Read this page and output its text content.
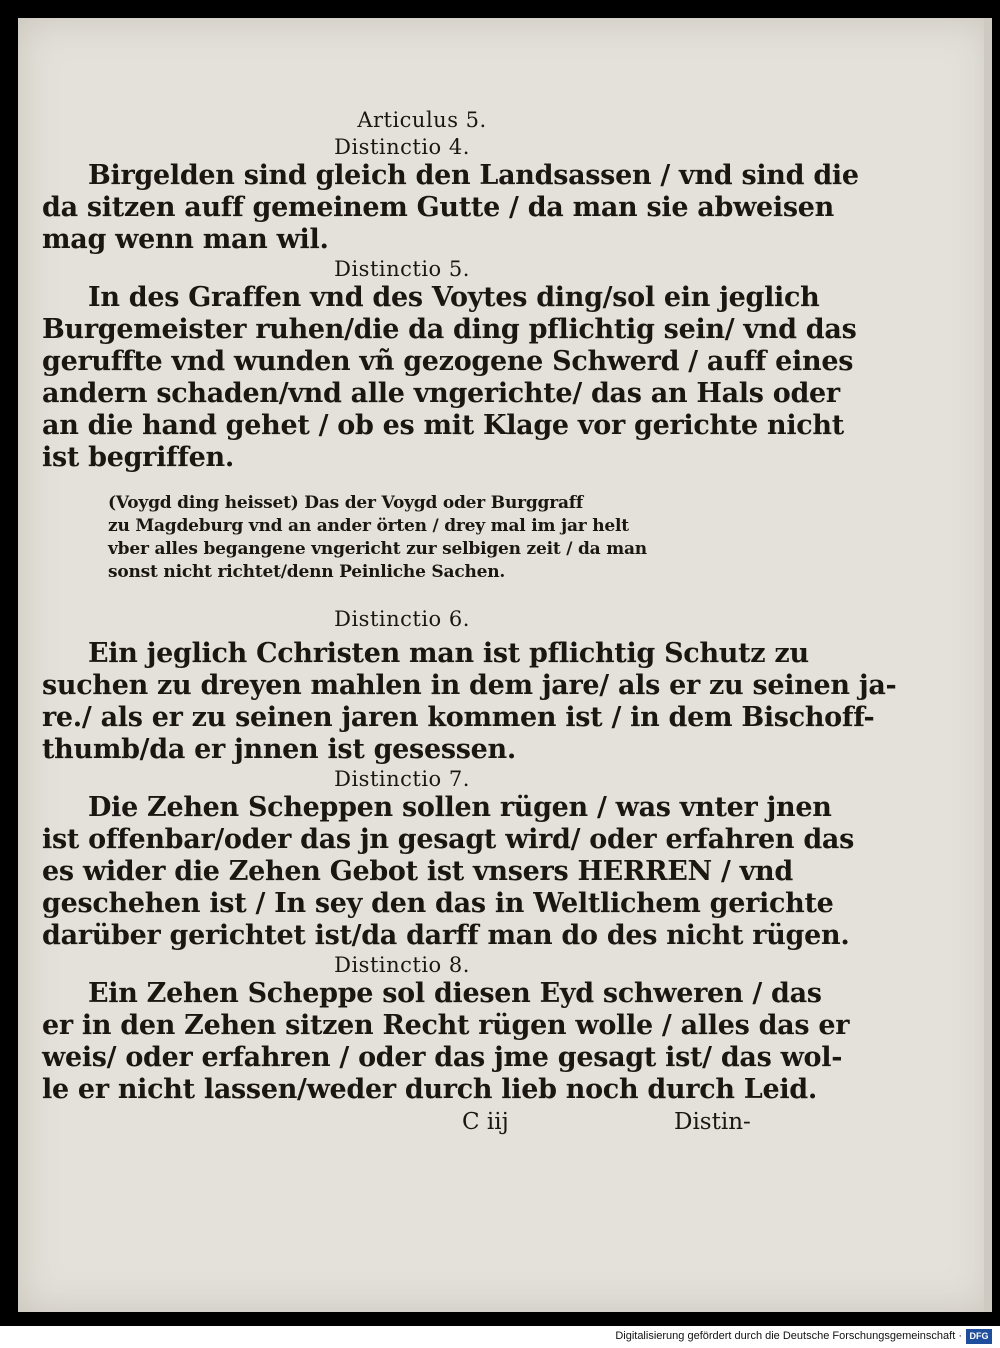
Articulus 5.
Distinctio 4.

Birgelden sind gleich den Landsassen / vnd sind die
da sitzen auff gemeinem Gutte / da man sie abweisen
mag wenn man wil.

Distinctio 5.

In des Graffen vnd des Voytes ding/sol ein jeglich
Burgemeister ruhen/die da ding pflichtig sein/ vnd das
geruffte vnd wunden vñ gezogene Schwerd / auff eines
andern schaden/vnd alle vngerichte/ das an Hals oder
an die hand gehet / ob es mit Klage vor gerichte nicht
ist begriffen.

(Voygd ding heisset) Das der Voygd oder Burggraff
zu Magdeburg vnd an ander örten / drey mal im jar helt
vber alles begangene vngericht zur selbigen zeit / da man
sonst nicht richtet/denn Peinliche Sachen.
Distinctio 6.

Ein jeglich Cchristen man ist pflichtig Schutz zu
suchen zu dreyen mahlen in dem jare/ als er zu seinen ja-
re./ als er zu seinen jaren kommen ist / in dem Bischoff-
thumb/da er jnnen ist gesessen.

Distinctio 7.

Die Zehen Scheppen sollen rügen / was vnter jnen
ist offenbar/oder das jn gesagt wird/ oder erfahren das
es wider die Zehen Gebot ist vnsers HERREN / vnd
geschehen ist / In sey den das in Weltlichem gerichte
darüber gerichtet ist/da darff man do des nicht rügen.

Distinctio 8.

Ein Zehen Scheppe sol diesen Eyd schweren / das
er in den Zehen sitzen Recht rügen wolle / alles das er
weis/ oder erfahren / oder das jme gesagt ist/ das wol-
le er nicht lassen/weder durch lieb noch durch Leid.

C iij	Distin-
Digitalisierung gefördert durch die Deutsche Forschungsgemeinschaft · DFG
